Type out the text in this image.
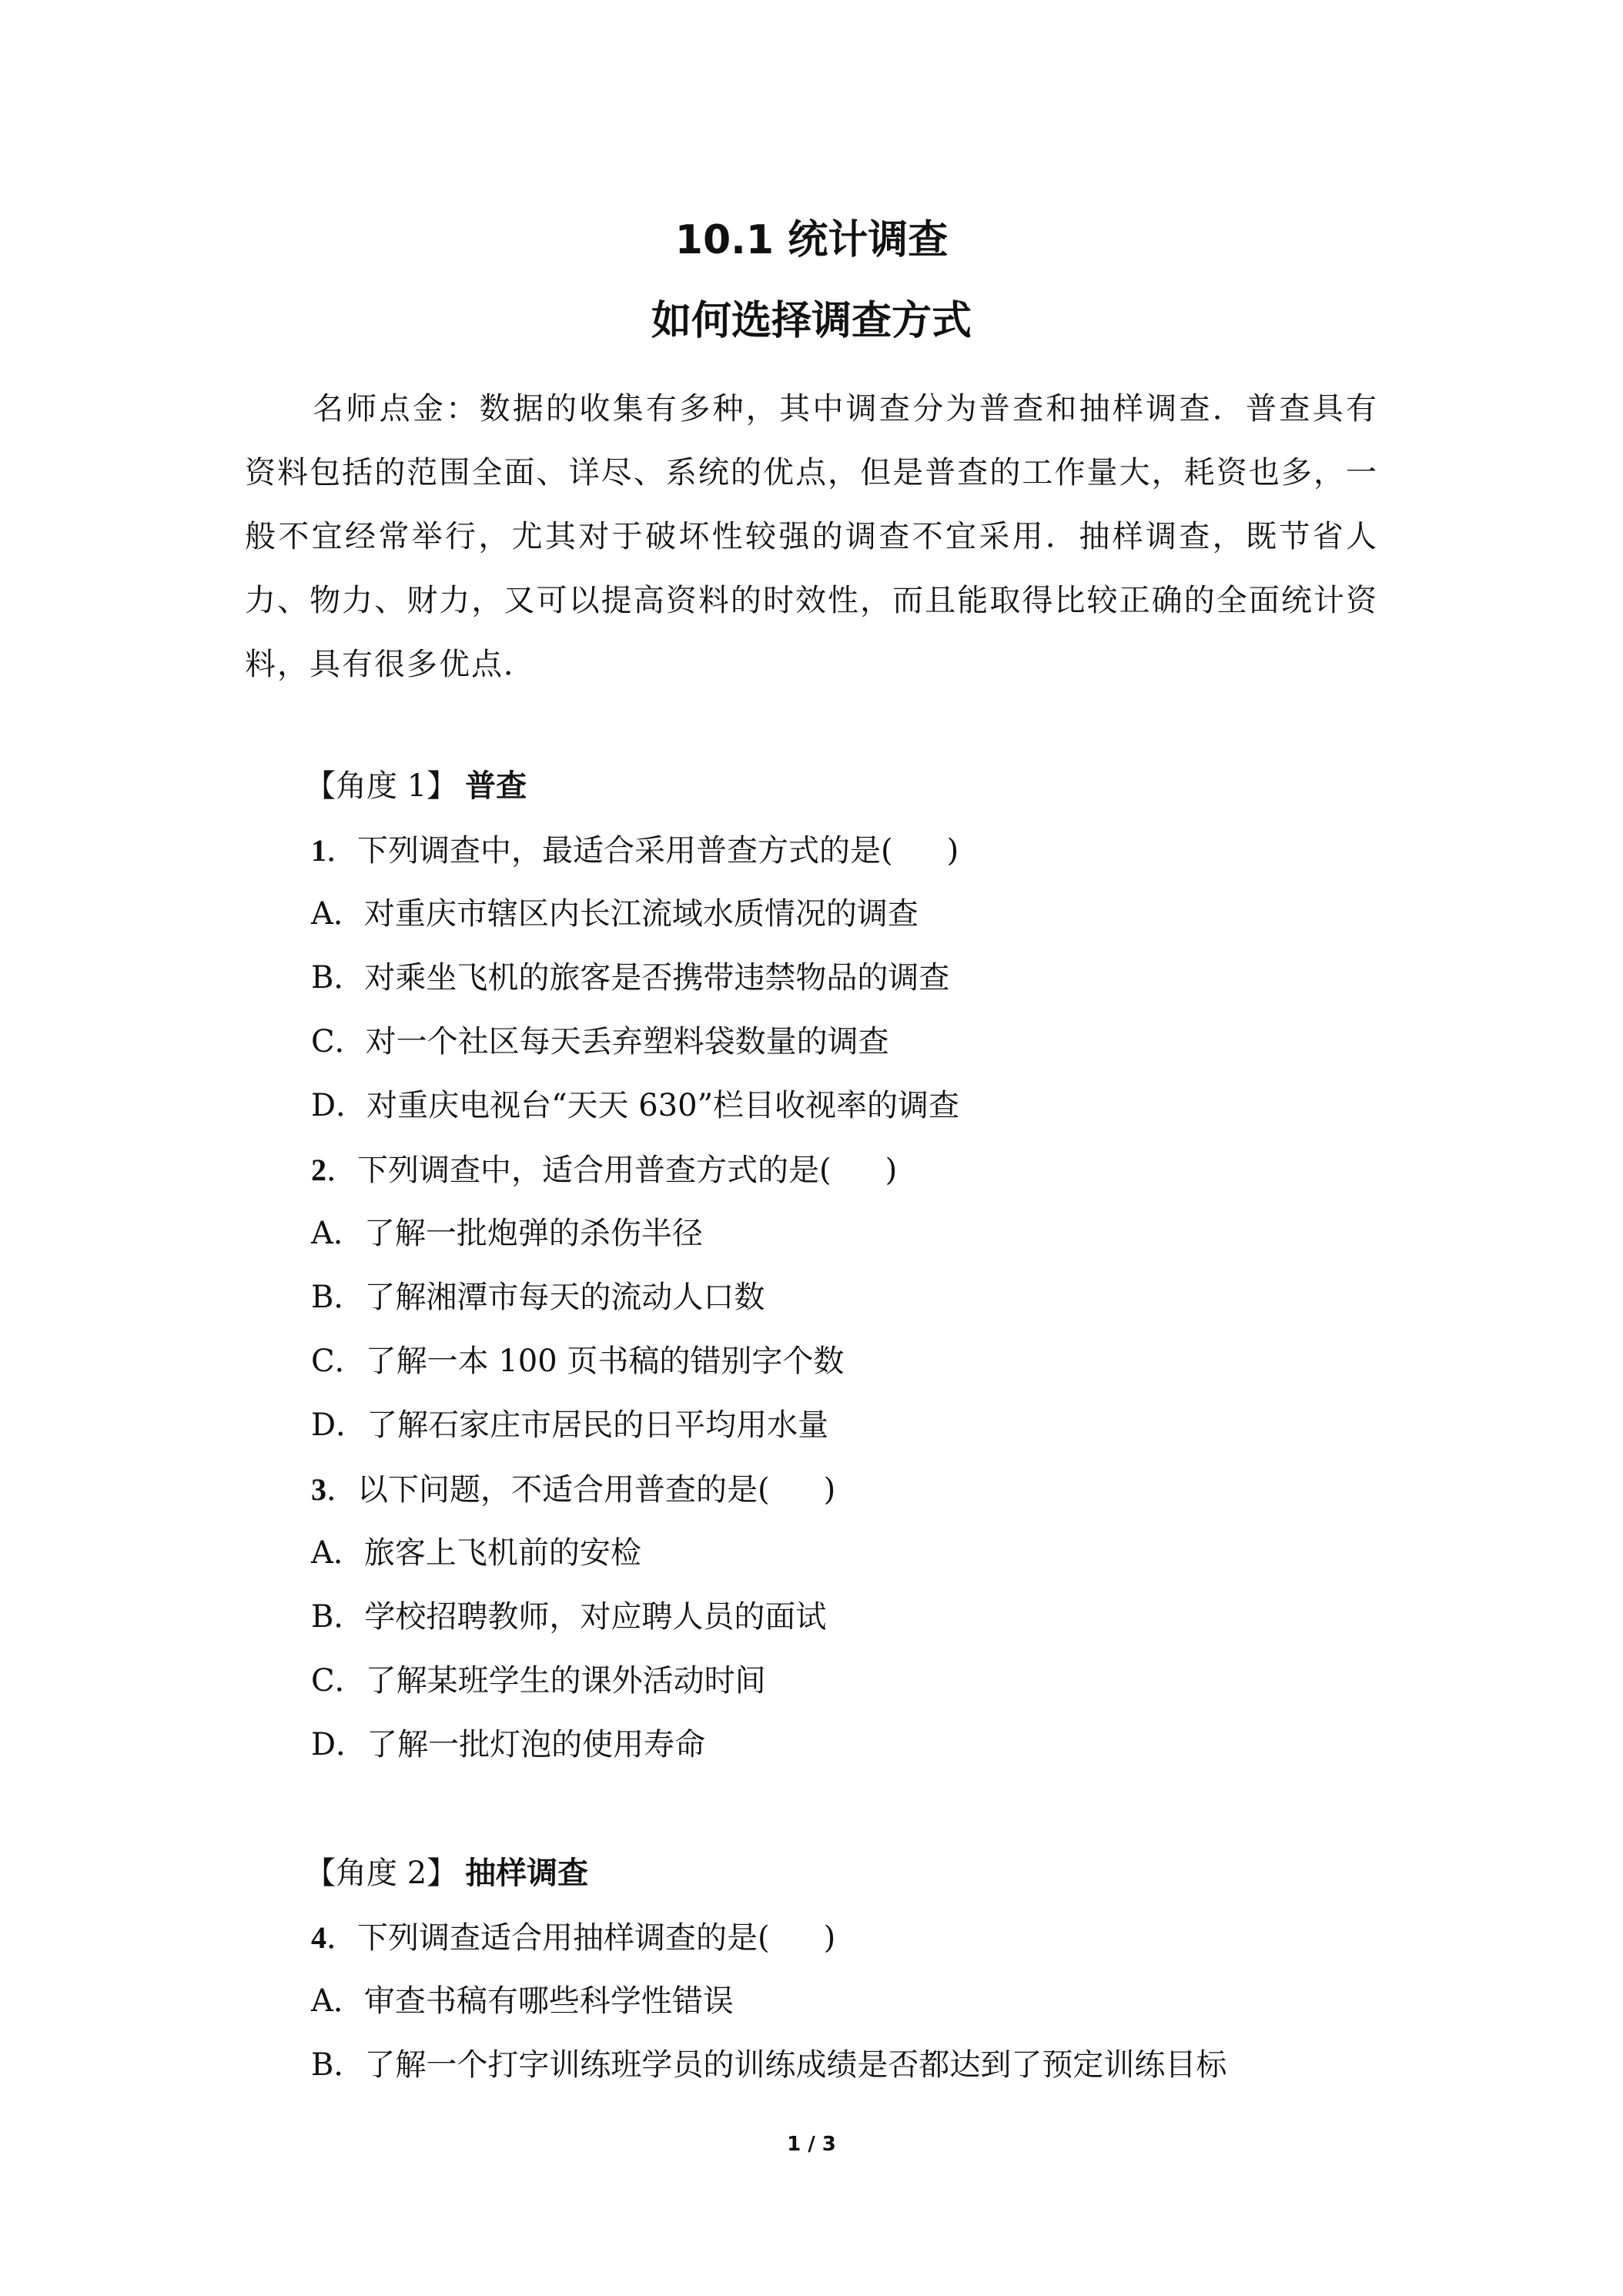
10.1 统计调查
如何选择调查方式
名师点金：数据的收集有多种，其中调查分为普查和抽样调查．普查具有资料包括的范围全面、详尽、系统的优点，但是普查的工作量大，耗资也多，一般不宜经常举行，尤其对于破坏性较强的调查不宜采用．抽样调查，既节省人力、物力、财力，又可以提高资料的时效性，而且能取得比较正确的全面统计资料，具有很多优点．
【角度 1】 普查
1．下列调查中，最适合采用普查方式的是( )
A．对重庆市辖区内长江流域水质情况的调查
B．对乘坐飞机的旅客是否携带违禁物品的调查
C．对一个社区每天丢弃塑料袋数量的调查
D．对重庆电视台“天天 630”栏目收视率的调查
2．下列调查中，适合用普查方式的是( )
A．了解一批炮弹的杀伤半径
B．了解湘潭市每天的流动人口数
C．了解一本 100 页书稿的错别字个数
D．了解石家庄市居民的日平均用水量
3．以下问题，不适合用普查的是( )
A．旅客上飞机前的安检
B．学校招聘教师，对应聘人员的面试
C．了解某班学生的课外活动时间
D．了解一批灯泡的使用寿命
【角度 2】 抽样调查
4．下列调查适合用抽样调查的是( )
A．审查书稿有哪些科学性错误
B．了解一个打字训练班学员的训练成绩是否都达到了预定训练目标
1 / 3
